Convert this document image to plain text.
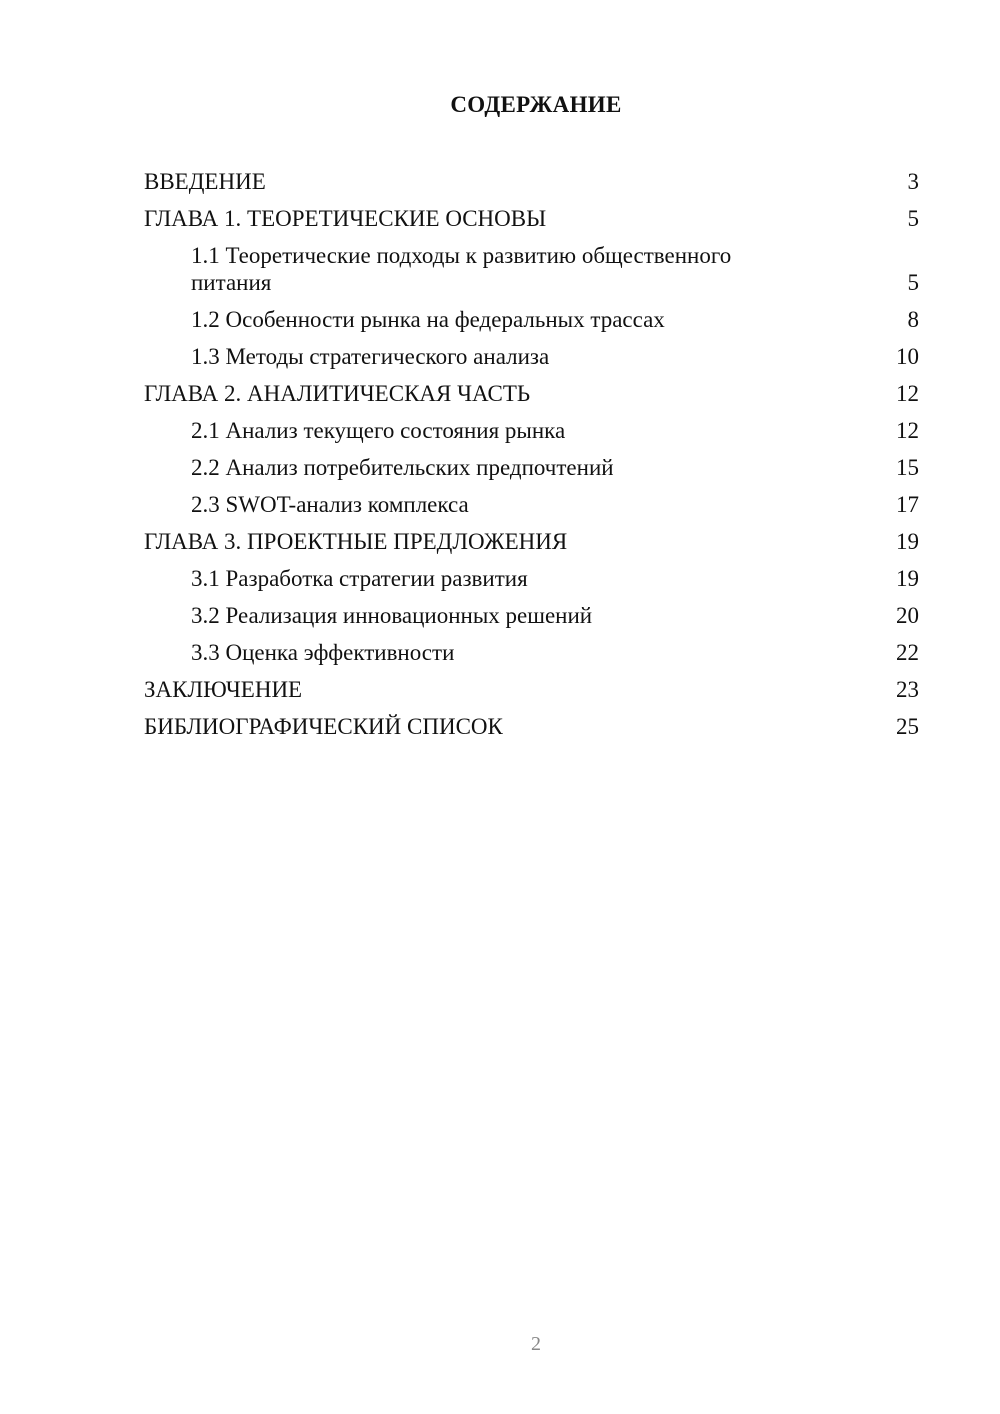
СОДЕРЖАНИЕ
ВВЕДЕНИЕ	3
ГЛАВА 1. ТЕОРЕТИЧЕСКИЕ ОСНОВЫ	5
1.1 Теоретические подходы к развитию общественного питания	5
1.2 Особенности рынка на федеральных трассах	8
1.3 Методы стратегического анализа	10
ГЛАВА 2. АНАЛИТИЧЕСКАЯ ЧАСТЬ	12
2.1 Анализ текущего состояния рынка	12
2.2 Анализ потребительских предпочтений	15
2.3 SWOT-анализ комплекса	17
ГЛАВА 3. ПРОЕКТНЫЕ ПРЕДЛОЖЕНИЯ	19
3.1 Разработка стратегии развития	19
3.2 Реализация инновационных решений	20
3.3 Оценка эффективности	22
ЗАКЛЮЧЕНИЕ	23
БИБЛИОГРАФИЧЕСКИЙ СПИСОК	25
2
